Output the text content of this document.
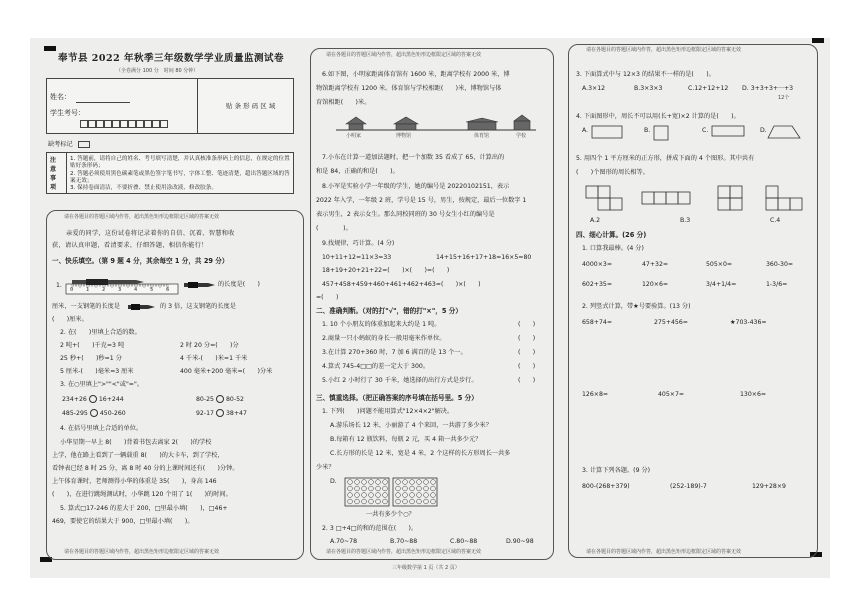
奉节县 2022 年秋季三年级数学学业质量监测试卷
（全卷满分 100 分　时间 80 分钟）
姓名：
学生考号：
贴 条 形 码 区 域
缺考标记
注意事项
1. 答题前，请将自己的姓名、考号填写清楚，并认真核准条形码上的信息，在规定的位置贴好条形码；
2. 答题必须使用黑色碳素笔或黑色签字笔书写，字体工整、笔迹清楚，超出答题区域的答案无效；
3. 保持卷面清洁，不要折叠、禁止使用涂改液、修改胶条。
请在各题目的答题区域内作答，超出黑色矩形边框限定区域的答案无效
亲爱的同学，这份试卷将记录着你的自信、沉着、智慧和收
获，请认真审题，看清要求，仔细答题，相信你能行！
一、快乐填空。（第 9 题 4 分，其余每空 1 分，共 29 分）
1.
0	1	2	3	4	5	6
的长度是(　　)
厘米，一支钢笔的长度是	的 3 倍，这支钢笔的长度是
(　　)厘米。
2. 在(　　)里填上合适的数。
2 吨+(　　)千克=3 吨	2 时 20 分=(　　)分
25 秒+(　　)秒=1 分	4 千米-(　　)米=1 千米
5 厘米-(　　)毫米=3 厘米	400 毫米+200 毫米=(　　)分米
3. 在○里填上">""<"或"="。
234+26 16+244	80-25 80-52
485-295 450-260	92-17 38+47
4. 在括号里填上合适的单位。
小华星期一早上 8(　　)背着书包去离家 2(　　)的学校
上学，他在路上看到了一辆载重 8(　　)的大卡车，到了学校，
看钟表已经 8 时 25 分，离 8 时 40 分的上课时间还有(　　)分钟。
上午体育课时，老师测得小华的体重是 35(　　)，身高 146
(　　)，在进行跳绳测试时，小华跳 120 个用了 1(　　)的时间。
5. 算式□17-246 的差大于 200，□里最小填(　　)，□46+
469，要使它的结果大于 900，□里最小填(　　)。
请在各题目的答题区域内作答，超出黑色矩形边框限定区域的答案无效
请在各题目的答题区域内作答，超出黑色矩形边框限定区域的答案无效
6.如下图，小明家距离体育馆有 1600 米，距离学校有 2000 米，博
物馆距离学校有 1200 米。体育馆与学校相距(　　)米，博物馆与体
育馆相距(　　)米。
小明家	博物馆	体育馆	学校
7.小东在计算一道加法题时，把一个加数 35 看成了 65，计算出的
和是 84，正确的和是(　　)。
8.小军是实验小学一年级的学生，她的编号是 20220102151，表示
2022 年入学，一年级 2 班，学号是 15 号，男生，按规定，最后一位数字 1
表示男生，2 表示女生。那么同校同班的 30 号女生小红的编号是
(　　　　)。
9.找规律，巧计算。(4 分)
10+11+12=11×3=33	14+15+16+17+18=16×5=80
18+19+20+21+22=(　　)×(　　)=(　　)
457+458+459+460+461+462+463=(　　)×(　　)
=(　　)
二、准确判断。（对的打"√"，错的打"×"，5 分）
1. 10 个小朋友的体重加起来大约是 1 吨。	(　　)
2.商量一只小蚂蚁的身长一般用毫米作单位。	(　　)
3.在计算 270+360 时，7 加 6 满百的是 13 个一。	(　　)
4.算式 745-4□□的差一定大于 300。	(　　)
5.小红 2 小时行了 30 千米，她选择的出行方式是步行。	(　　)
三、慎重选择。（把正确答案的序号填在括号里。5 分）
1. 下列(　　)问题不能用算式"12×4×2"解决。
A.游乐场长 12 米，小丽游了 4 个来回，一共游了多少米？
B.每箱有 12 瓶饮料，每瓶 2 元，买 4 箱一共多少元？
C.长方形的长是 12 米，宽是 4 米，2 个这样的长方形周长一共多
少米？
D.
一共有多少个○？
2. 3 □+4□的和的范围在(　　)。
A.70~78	B.70~88	C.80~88	D.90~98
请在各题目的答题区域内作答，超出黑色矩形边框限定区域的答案无效
三年级数学第 1 页（共 2 页）
请在各题目的答题区域内作答，超出黑色矩形边框限定区域的答案无效
3. 下面算式中与 12×3 的结果不一样的是(　　)。
A.3×12	B.3×3×3	C.12+12+12 D. 3+3+3+···+3
12个
4. 下面图形中，周长不可以用(长+宽)×2 计算的是(　　)。
A.	B.	C.	D.
5. 用四个 1 平方厘米的正方形，拼成下面的 4 个图形。其中共有
(　　)个图形的周长相等。
A.2	B.3	C.4
四、细心计算。(26 分)
1. 口算我最棒。(4 分)
4000×3=	47+32=	505×0=	360-30=
602+35=	120×6=	3/4+1/4=	1-3/6=
2. 列竖式计算，带★号要验算。(13 分)
658+74=	275+456=	★703-436=
126×8=	405×7=	130×6=
3. 计算下列各题。(9 分)
800-(268+379)	(252-189)-7	129+28×9
请在各题目的答题区域内作答，超出黑色矩形边框限定区域的答案无效
